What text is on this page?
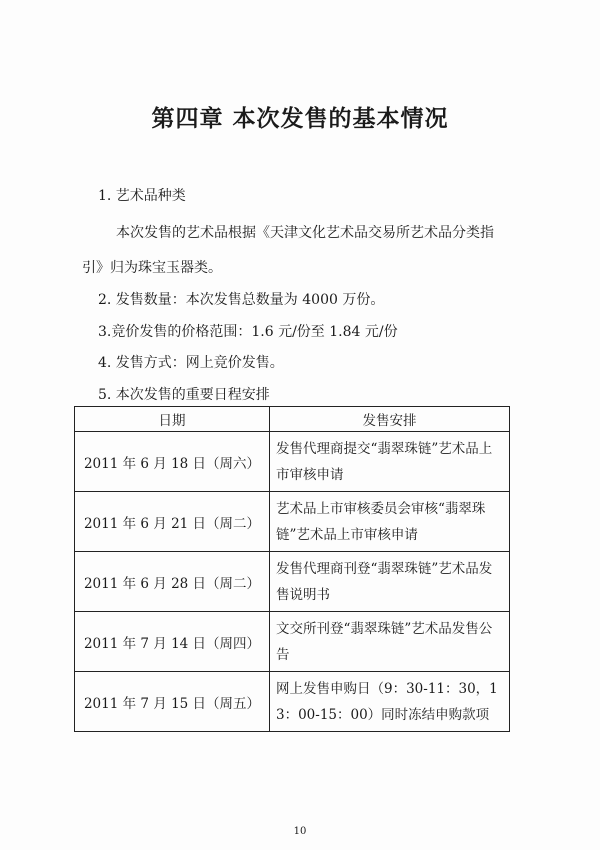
第四章 本次发售的基本情况
1. 艺术品种类
本次发售的艺术品根据《天津文化艺术品交易所艺术品分类指
引》归为珠宝玉器类。
2. 发售数量：本次发售总数量为 4000 万份。
3.竞价发售的价格范围：1.6 元/份至 1.84 元/份
4. 发售方式：网上竞价发售。
5. 本次发售的重要日程安排
日期	发售安排
2011 年 6 月 18 日（周六）	发售代理商提交“翡翠珠链”艺术品上市审核申请
2011 年 6 月 21 日（周二）	艺术品上市审核委员会审核“翡翠珠链”艺术品上市审核申请
2011 年 6 月 28 日（周二）	发售代理商刊登“翡翠珠链”艺术品发售说明书
2011 年 7 月 14 日（周四）	文交所刊登“翡翠珠链”艺术品发售公告
2011 年 7 月 15 日（周五）	网上发售申购日（9：30-11：30，13：00-15：00）同时冻结申购款项
10
